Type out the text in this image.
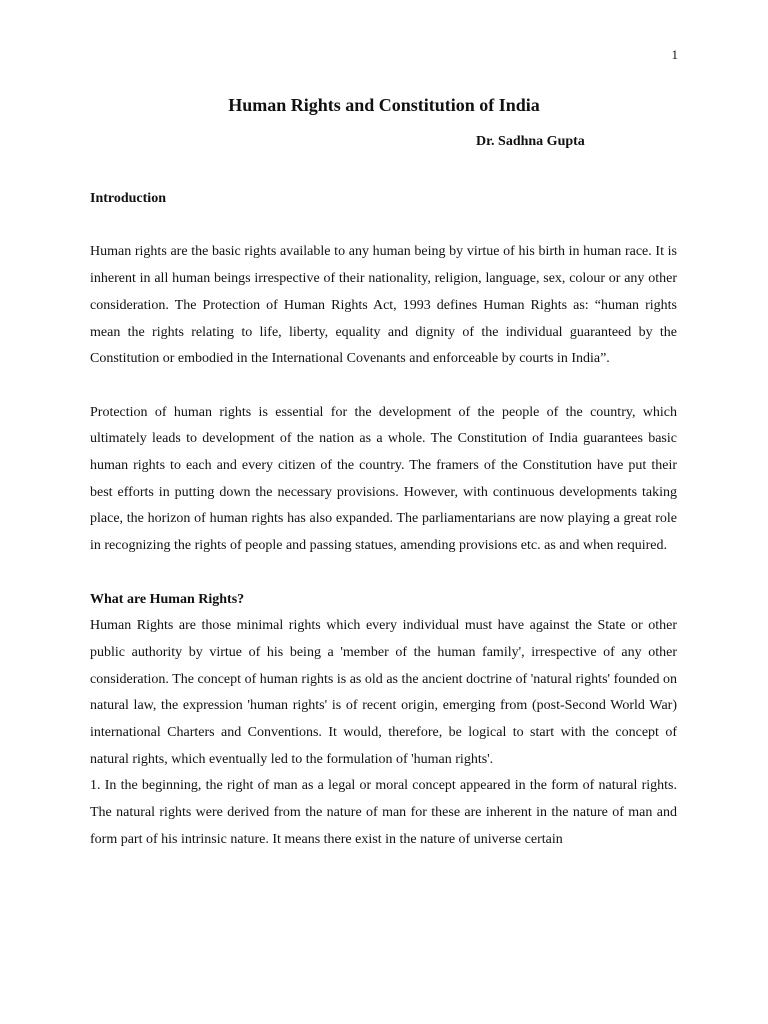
1
Human Rights and Constitution of India
Dr. Sadhna Gupta
Introduction

Human rights are the basic rights available to any human being by virtue of his birth in human race. It is inherent in all human beings irrespective of their nationality, religion, language, sex, colour or any other consideration. The Protection of Human Rights Act, 1993 defines Human Rights as: “human rights mean the rights relating to life, liberty, equality and dignity of the individual guaranteed by the Constitution or embodied in the International Covenants and enforceable by courts in India”.

Protection of human rights is essential for the development of the people of the country, which ultimately leads to development of the nation as a whole. The Constitution of India guarantees basic human rights to each and every citizen of the country. The framers of the Constitution have put their best efforts in putting down the necessary provisions. However, with continuous developments taking place, the horizon of human rights has also expanded. The parliamentarians are now playing a great role in recognizing the rights of people and passing statues, amending provisions etc. as and when required.

What are Human Rights?

Human Rights are those minimal rights which every individual must have against the State or other public authority by virtue of his being a 'member of the human family', irrespective of any other consideration. The concept of human rights is as old as the ancient doctrine of 'natural rights' founded on natural law, the expression 'human rights' is of recent origin, emerging from (post-Second World War) international Charters and Conventions. It would, therefore, be logical to start with the concept of natural rights, which eventually led to the formulation of 'human rights'.

1. In the beginning, the right of man as a legal or moral concept appeared in the form of natural rights. The natural rights were derived from the nature of man for these are inherent in the nature of man and form part of his intrinsic nature. It means there exist in the nature of universe certain
